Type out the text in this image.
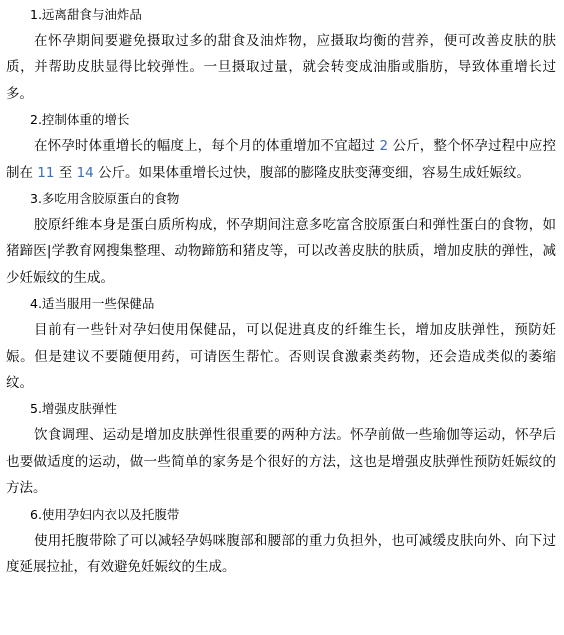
1.远离甜食与油炸品

在怀孕期间要避免摄取过多的甜食及油炸物，应摄取均衡的营养，便可改善皮肤的肤质，并帮助皮肤显得比较弹性。一旦摄取过量，就会转变成油脂或脂肪，导致体重增长过多。

2.控制体重的增长

在怀孕时体重增长的幅度上，每个月的体重增加不宜超过 2 公斤，整个怀孕过程中应控制在 11 至 14 公斤。如果体重增长过快，腹部的膨隆皮肤变薄变细，容易生成妊娠纹。

3.多吃用含胶原蛋白的食物

胶原纤维本身是蛋白质所构成，怀孕期间注意多吃富含胶原蛋白和弹性蛋白的食物，如猪蹄医|学教育网搜集整理、动物蹄筋和猪皮等，可以改善皮肤的肤质，增加皮肤的弹性，减少妊娠纹的生成。

4.适当服用一些保健品

目前有一些针对孕妇使用保健品，可以促进真皮的纤维生长，增加皮肤弹性，预防妊娠。但是建议不要随便用药，可请医生帮忙。否则误食激素类药物，还会造成类似的萎缩纹。

5.增强皮肤弹性

饮食调理、运动是增加皮肤弹性很重要的两种方法。怀孕前做一些瑜伽等运动，怀孕后也要做适度的运动，做一些简单的家务是个很好的方法，这也是增强皮肤弹性预防妊娠纹的方法。

6.使用孕妇内衣以及托腹带

使用托腹带除了可以减轻孕妈咪腹部和腰部的重力负担外，也可减缓皮肤向外、向下过度延展拉扯，有效避免妊娠纹的生成。
